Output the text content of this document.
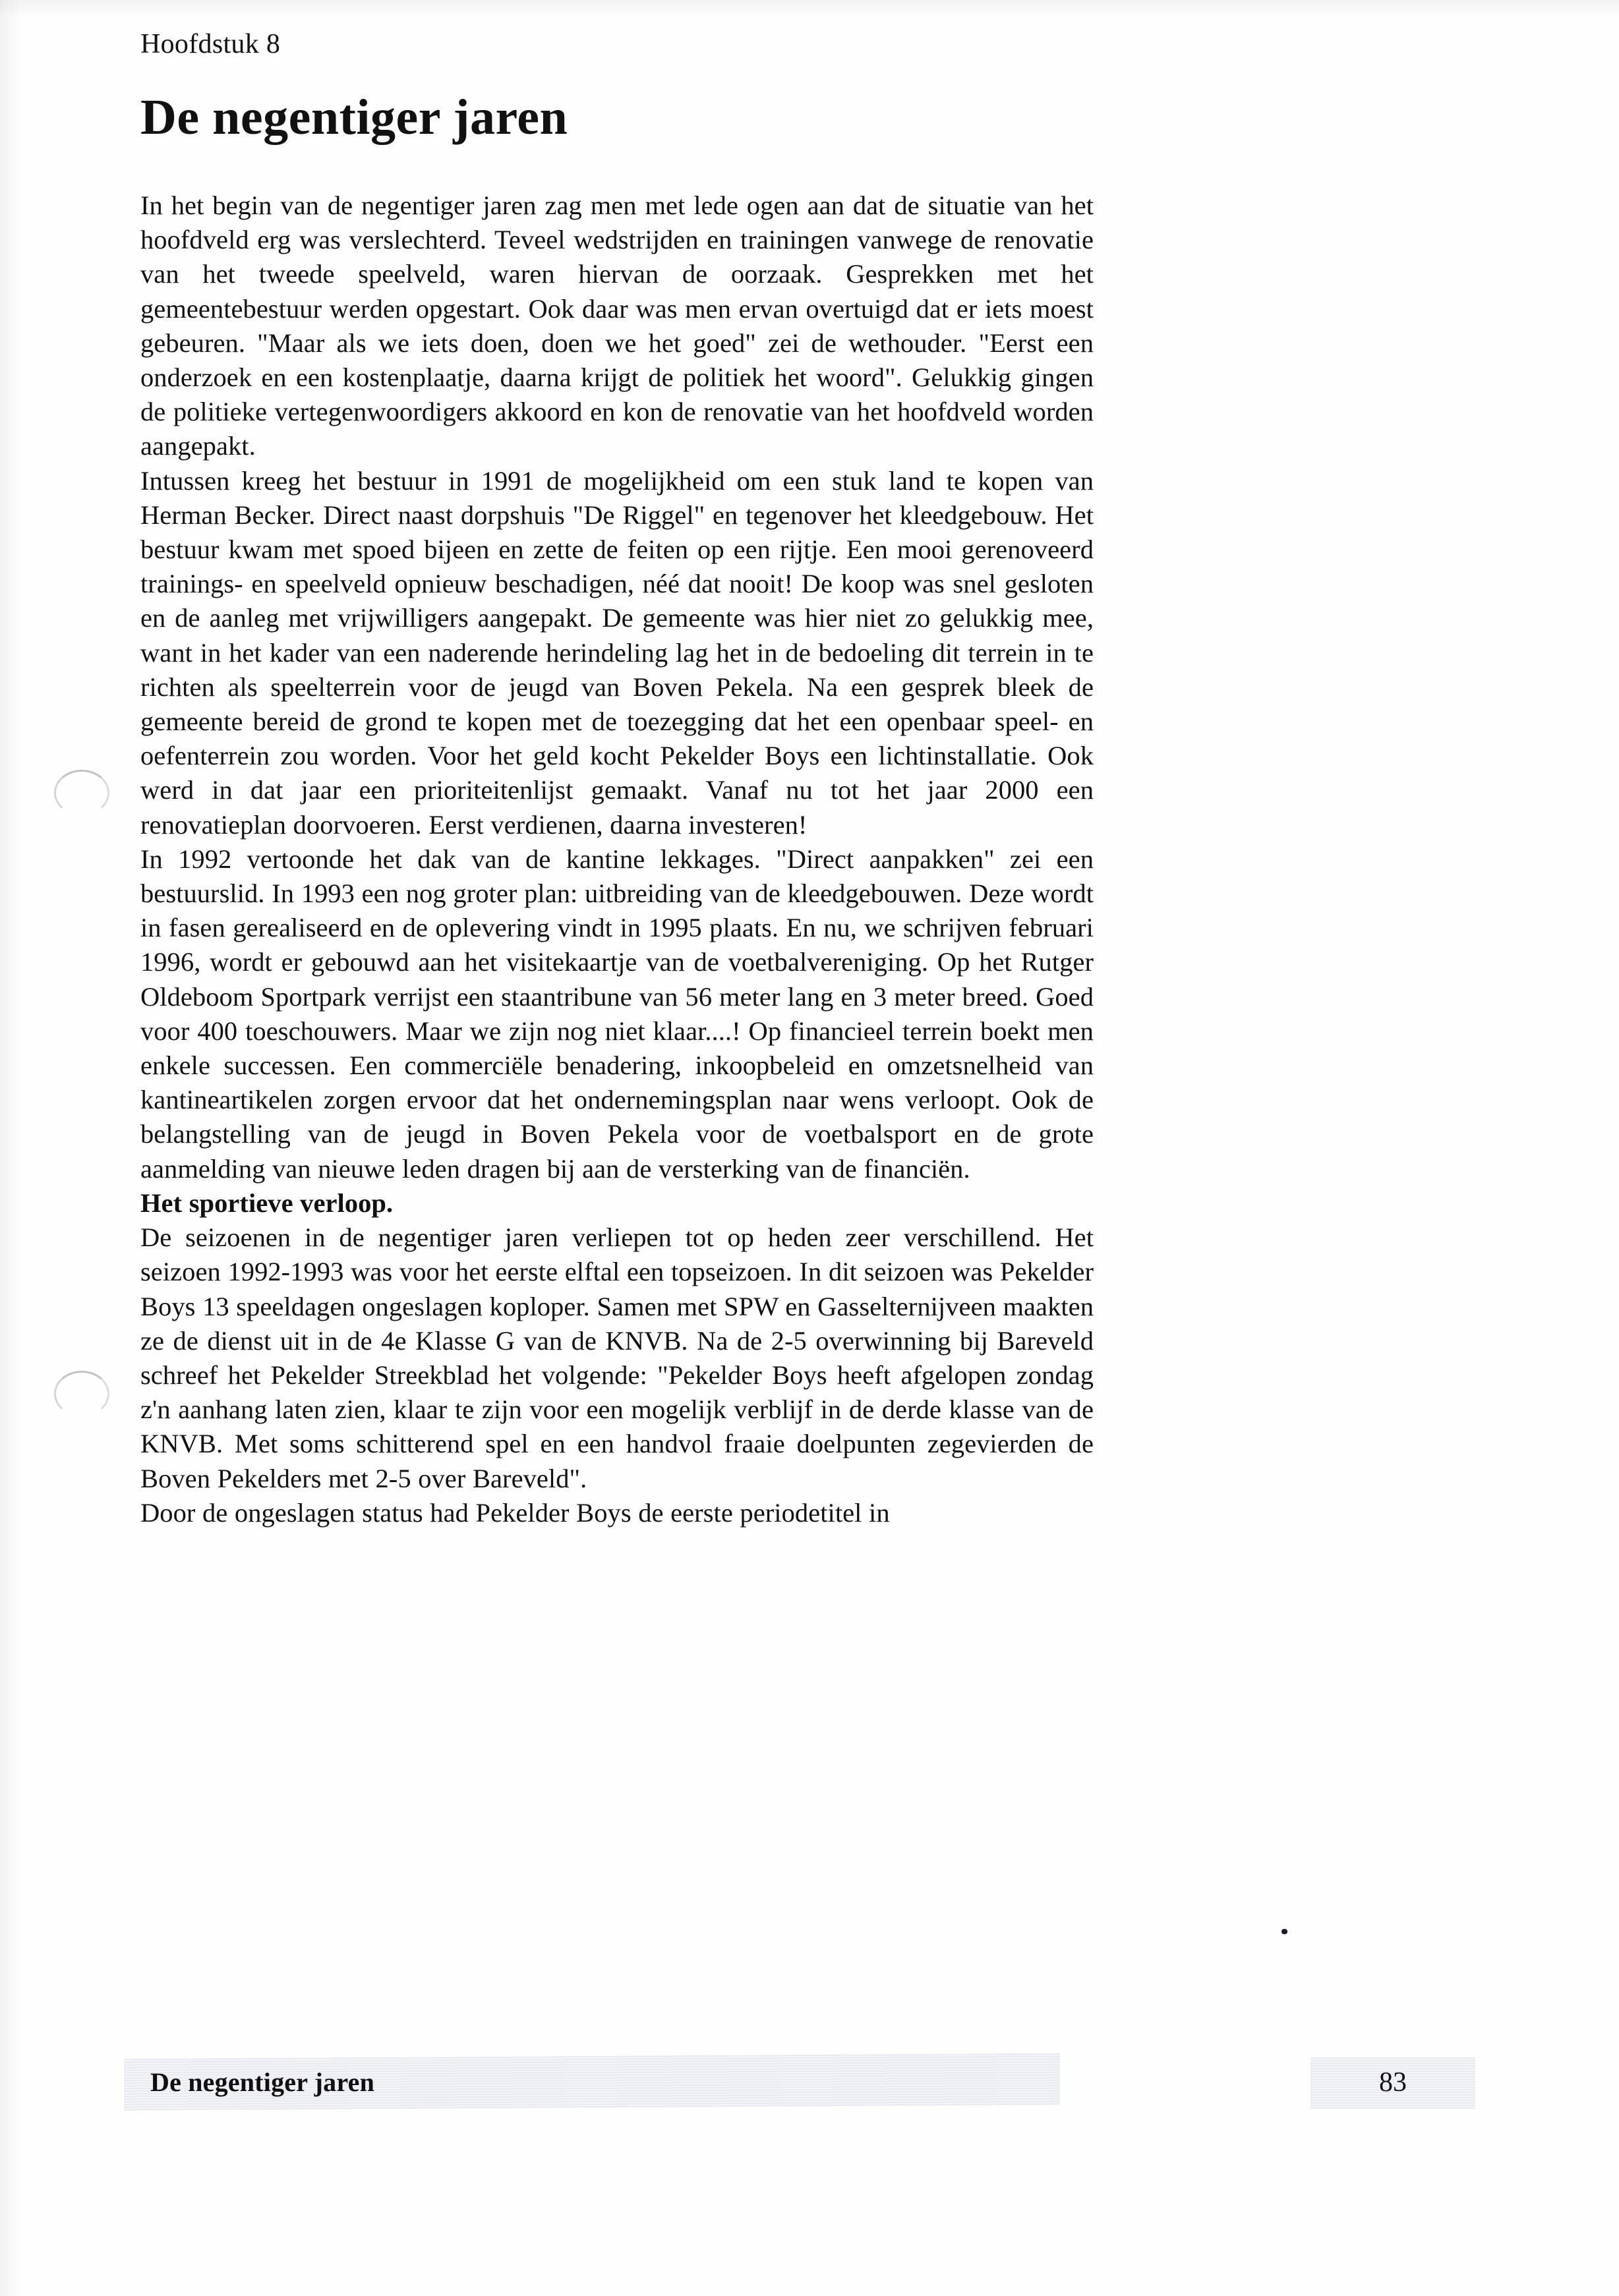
Hoofdstuk 8
De negentiger jaren

In het begin van de negentiger jaren zag men met lede ogen aan dat de situatie van het hoofdveld erg was verslechterd. Teveel wedstrijden en trainingen vanwege de renovatie van het tweede speelveld, waren hiervan de oorzaak. Gesprekken met het gemeentebestuur werden opgestart. Ook daar was men ervan overtuigd dat er iets moest gebeuren. "Maar als we iets doen, doen we het goed" zei de wethouder. "Eerst een onderzoek en een kostenplaatje, daarna krijgt de politiek het woord". Gelukkig gingen de politieke vertegenwoordigers akkoord en kon de renovatie van het hoofdveld worden aangepakt.

Intussen kreeg het bestuur in 1991 de mogelijkheid om een stuk land te kopen van Herman Becker. Direct naast dorpshuis "De Riggel" en tegenover het kleedgebouw. Het bestuur kwam met spoed bijeen en zette de feiten op een rijtje. Een mooi gerenoveerd trainings- en speelveld opnieuw beschadigen, néé dat nooit! De koop was snel gesloten en de aanleg met vrijwilligers aangepakt. De gemeente was hier niet zo gelukkig mee, want in het kader van een naderende herindeling lag het in de bedoeling dit terrein in te richten als speelterrein voor de jeugd van Boven Pekela. Na een gesprek bleek de gemeente bereid de grond te kopen met de toezegging dat het een openbaar speel- en oefenterrein zou worden. Voor het geld kocht Pekelder Boys een lichtinstallatie. Ook werd in dat jaar een prioriteitenlijst gemaakt. Vanaf nu tot het jaar 2000 een renovatieplan doorvoeren. Eerst verdienen, daarna investeren!

In 1992 vertoonde het dak van de kantine lekkages. "Direct aanpakken" zei een bestuurslid. In 1993 een nog groter plan: uitbreiding van de kleedgebouwen. Deze wordt in fasen gerealiseerd en de oplevering vindt in 1995 plaats. En nu, we schrijven februari 1996, wordt er gebouwd aan het visitekaartje van de voetbalvereniging. Op het Rutger Oldeboom Sportpark verrijst een staantribune van 56 meter lang en 3 meter breed. Goed voor 400 toeschouwers. Maar we zijn nog niet klaar....! Op financieel terrein boekt men enkele successen. Een commerciële benadering, inkoopbeleid en omzetsnelheid van kantineartikelen zorgen ervoor dat het ondernemingsplan naar wens verloopt. Ook de belangstelling van de jeugd in Boven Pekela voor de voetbalsport en de grote aanmelding van nieuwe leden dragen bij aan de versterking van de financiën.

Het sportieve verloop.

De seizoenen in de negentiger jaren verliepen tot op heden zeer verschillend. Het seizoen 1992-1993 was voor het eerste elftal een topseizoen. In dit seizoen was Pekelder Boys 13 speeldagen ongeslagen koploper. Samen met SPW en Gasselternijveen maakten ze de dienst uit in de 4e Klasse G van de KNVB. Na de 2-5 overwinning bij Bareveld schreef het Pekelder Streekblad het volgende: "Pekelder Boys heeft afgelopen zondag z'n aanhang laten zien, klaar te zijn voor een mogelijk verblijf in de derde klasse van de KNVB. Met soms schitterend spel en een handvol fraaie doelpunten zegevierden de Boven Pekelders met 2-5 over Bareveld".

Door de ongeslagen status had Pekelder Boys de eerste periodetitel in

De negentiger jaren	83
